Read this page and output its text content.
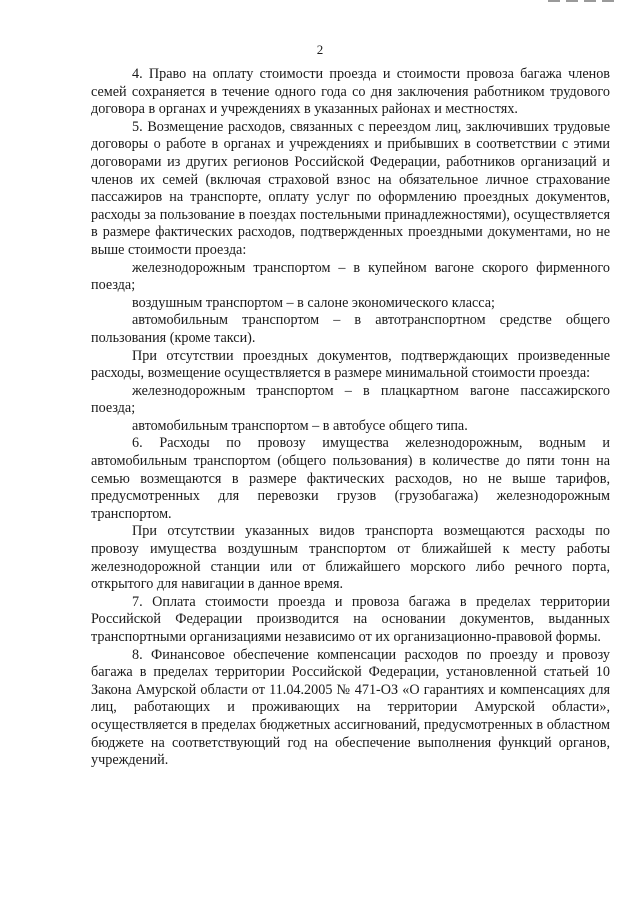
2

4. Право на оплату стоимости проезда и стоимости провоза багажа членов семей сохраняется в течение одного года со дня заключения работником трудового договора в органах и учреждениях в указанных районах и местностях.

5. Возмещение расходов, связанных с переездом лиц, заключивших трудовые договоры о работе в органах и учреждениях и прибывших в соответствии с этими договорами из других регионов Российской Федерации, работников организаций и членов их семей (включая страховой взнос на обязательное личное страхование пассажиров на транспорте, оплату услуг по оформлению проездных документов, расходы за пользование в поездах постельными принадлежностями), осуществляется в размере фактических расходов, подтвержденных проездными документами, но не выше стоимости проезда:

железнодорожным транспортом – в купейном вагоне скорого фирменного поезда;

воздушным транспортом – в салоне экономического класса;

автомобильным транспортом – в автотранспортном средстве общего пользования (кроме такси).

При отсутствии проездных документов, подтверждающих произведенные расходы, возмещение осуществляется в размере минимальной стоимости проезда:

железнодорожным транспортом – в плацкартном вагоне пассажирского поезда;

автомобильным транспортом – в автобусе общего типа.

6. Расходы по провозу имущества железнодорожным, водным и автомобильным транспортом (общего пользования) в количестве до пяти тонн на семью возмещаются в размере фактических расходов, но не выше тарифов, предусмотренных для перевозки грузов (грузобагажа) железнодорожным транспортом.

При отсутствии указанных видов транспорта возмещаются расходы по провозу имущества воздушным транспортом от ближайшей к месту работы железнодорожной станции или от ближайшего морского либо речного порта, открытого для навигации в данное время.

7. Оплата стоимости проезда и провоза багажа в пределах территории Российской Федерации производится на основании документов, выданных транспортными организациями независимо от их организационно-правовой формы.

8. Финансовое обеспечение компенсации расходов по проезду и провозу багажа в пределах территории Российской Федерации, установленной статьей 10 Закона Амурской области от 11.04.2005 № 471-ОЗ «О гарантиях и компенсациях для лиц, работающих и проживающих на территории Амурской области», осуществляется в пределах бюджетных ассигнований, предусмотренных в областном бюджете на соответствующий год на обеспечение выполнения функций органов, учреждений.
